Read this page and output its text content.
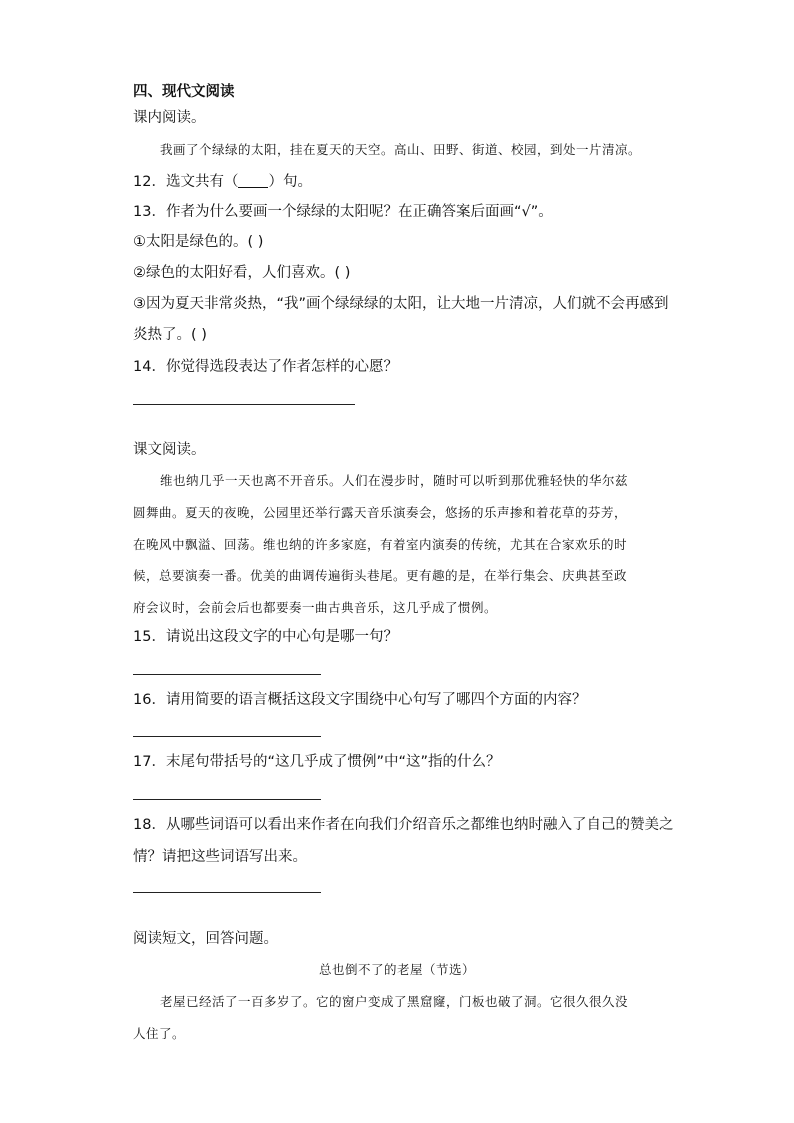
四、现代文阅读
课内阅读。
我画了个绿绿的太阳，挂在夏天的天空。高山、田野、街道、校园，到处一片清凉。
12．选文共有（ ）句。
13．作者为什么要画一个绿绿的太阳呢？在正确答案后面画“√”。
①太阳是绿色的。( )
②绿色的太阳好看，人们喜欢。( )
③因为夏天非常炎热，“我”画个绿绿绿的太阳，让大地一片清凉，人们就不会再感到
炎热了。( )
14．你觉得选段表达了作者怎样的心愿？
课文阅读。
维也纳几乎一天也离不开音乐。人们在漫步时，随时可以听到那优雅轻快的华尔兹
圆舞曲。夏天的夜晚，公园里还举行露天音乐演奏会，悠扬的乐声掺和着花草的芬芳，
在晚风中飘溢、回荡。维也纳的许多家庭，有着室内演奏的传统，尤其在合家欢乐的时
候，总要演奏一番。优美的曲调传遍街头巷尾。更有趣的是，在举行集会、庆典甚至政
府会议时，会前会后也都要奏一曲古典音乐，这几乎成了惯例。
15．请说出这段文字的中心句是哪一句？
16．请用简要的语言概括这段文字围绕中心句写了哪四个方面的内容？
17．末尾句带括号的“这几乎成了惯例”中“这”指的什么？
18．从哪些词语可以看出来作者在向我们介绍音乐之都维也纳时融入了自己的赞美之
情？请把这些词语写出来。
阅读短文，回答问题。
总也倒不了的老屋（节选）
老屋已经活了一百多岁了。它的窗户变成了黑窟窿，门板也破了洞。它很久很久没
人住了。
